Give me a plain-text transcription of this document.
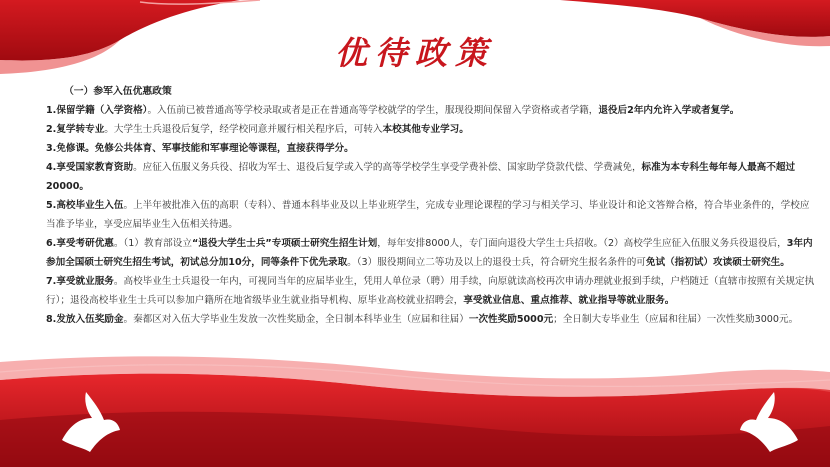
优待政策

（一）参军入伍优惠政策

1.保留学籍（入学资格）。入伍前已被普通高等学校录取或者是正在普通高等学校就学的学生，服现役期间保留入学资格或者学籍，退役后2年内允许入学或者复学。

2.复学转专业。大学生士兵退役后复学，经学校同意并履行相关程序后，可转入本校其他专业学习。

3.免修课。免修公共体育、军事技能和军事理论等课程，直接获得学分。

4.享受国家教育资助。应征入伍服义务兵役、招收为军士、退役后复学或入学的高等学校学生享受学费补偿、国家助学贷款代偿、学费减免，标准为本专科生每年每人最高不超过20000。

5.高校毕业生入伍。上半年被批准入伍的高职（专科）、普通本科毕业及以上毕业班学生，完成专业理论课程的学习与相关学习、毕业设计和论文答辩合格，符合毕业条件的，学校应当准予毕业，享受应届毕业生入伍相关待遇。

6.享受考研优惠。（1）教育部设立“退役大学生士兵”专项硕士研究生招生计划，每年安排8000人，专门面向退役大学生士兵招收。（2）高校学生应征入伍服义务兵役退役后，3年内参加全国硕士研究生招生考试，初试总分加10分，同等条件下优先录取。（3）服役期间立二等功及以上的退役士兵，符合研究生报名条件的可免试（指初试）攻读硕士研究生。

7.享受就业服务。高校毕业生士兵退役一年内，可视同当年的应届毕业生，凭用人单位录（聘）用手续，向原就读高校再次申请办理就业报到手续，户档随迁（直辖市按照有关规定执行）；退役高校毕业生士兵可以参加户籍所在地省级毕业生就业指导机构、原毕业高校就业招聘会，享受就业信息、重点推荐、就业指导等就业服务。

8.发放入伍奖励金。秦都区对入伍大学毕业生发放一次性奖励金，全日制本科毕业生（应届和往届）一次性奖励5000元；全日制大专毕业生（应届和往届）一次性奖励3000元。
